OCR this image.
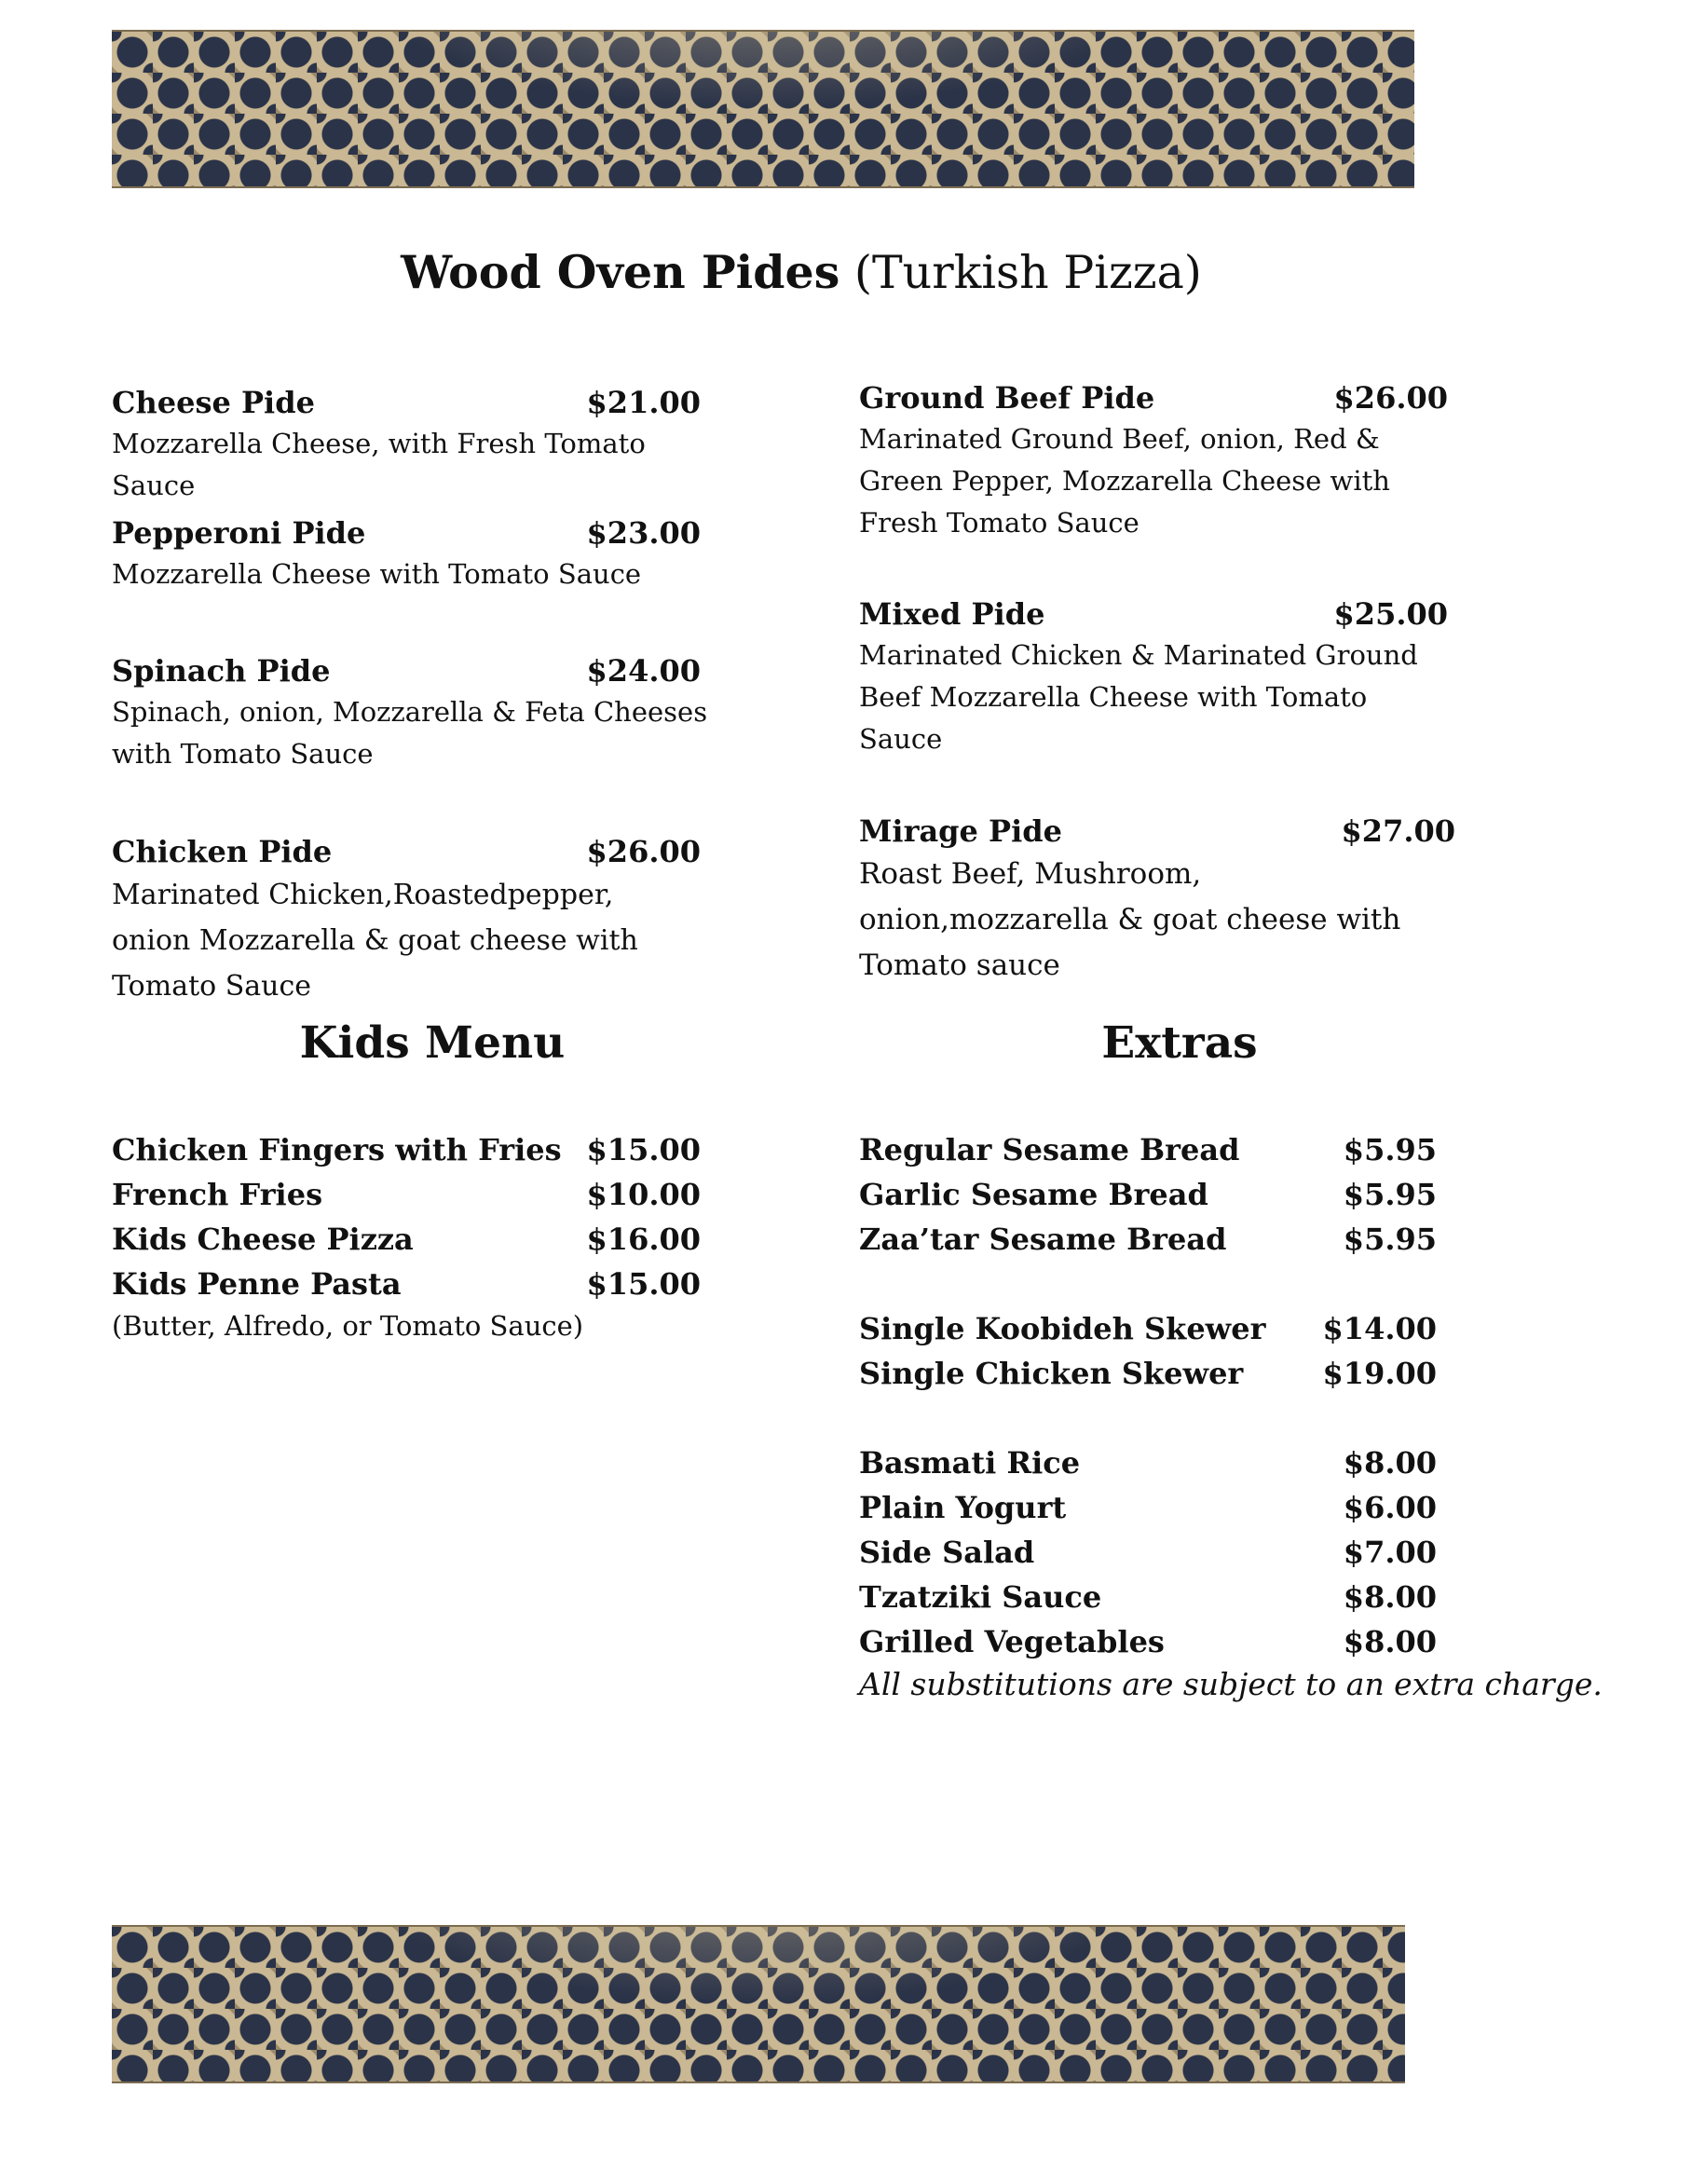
Wood Oven Pides (Turkish Pizza)
Cheese Pide	$21.00
Mozzarella Cheese, with Fresh Tomato Sauce
Pepperoni Pide	$23.00
Mozzarella Cheese with Tomato Sauce
Spinach Pide	$24.00
Spinach, onion, Mozzarella & Feta Cheeses with Tomato Sauce
Chicken Pide	$26.00
Marinated Chicken,Roastedpepper, onion Mozzarella & goat cheese with Tomato Sauce
Ground Beef Pide	$26.00
Marinated Ground Beef, onion, Red & Green Pepper, Mozzarella Cheese with Fresh Tomato Sauce
Mixed Pide	$25.00
Marinated Chicken & Marinated Ground Beef Mozzarella Cheese with Tomato Sauce
Mirage Pide	$27.00
Roast Beef, Mushroom, onion,mozzarella & goat cheese with Tomato sauce
Kids Menu	Extras
Chicken Fingers with Fries $15.00
French Fries	$10.00
Kids Cheese Pizza	$16.00
Kids Penne Pasta	$15.00
(Butter, Alfredo, or Tomato Sauce)
Regular Sesame Bread	$5.95
Garlic Sesame Bread	$5.95
Zaa’tar Sesame Bread	$5.95
Single Koobideh Skewer $14.00
Single Chicken Skewer	$19.00
Basmati Rice	$8.00
Plain Yogurt	$6.00
Side Salad	$7.00
Tzatziki Sauce	$8.00
Grilled Vegetables	$8.00
All substitutions are subject to an extra charge.
